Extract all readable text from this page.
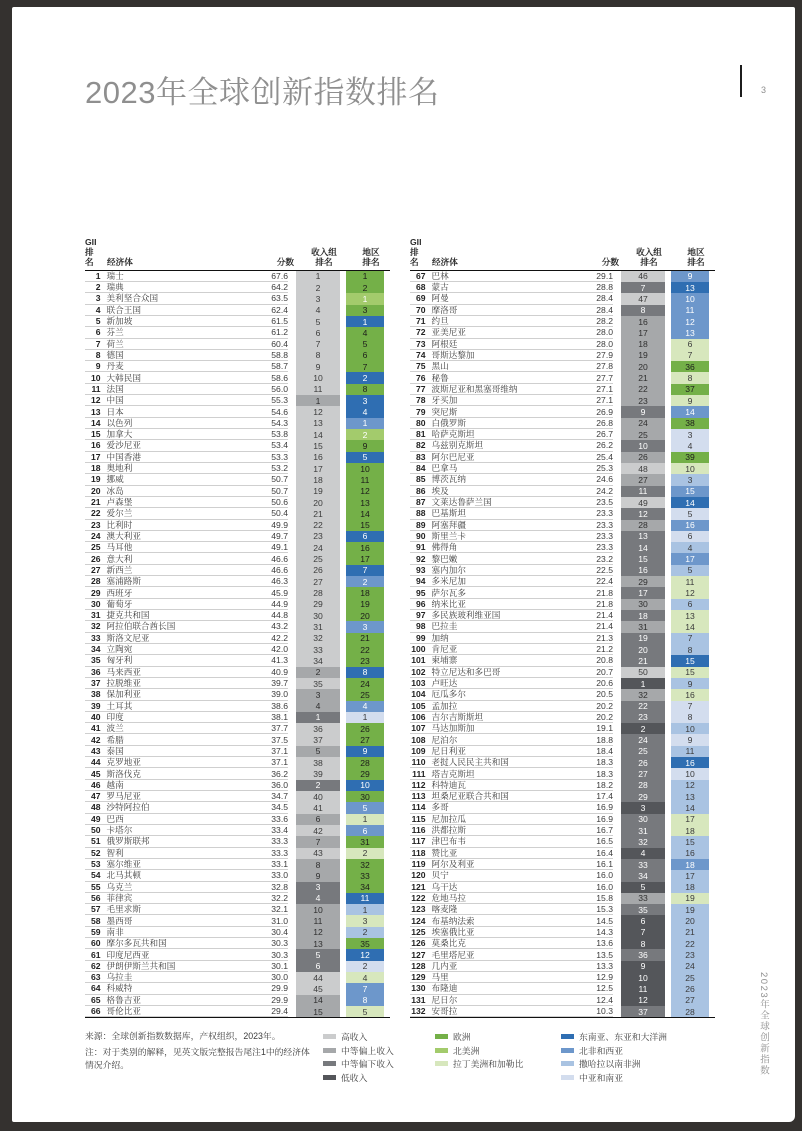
2023年全球创新指数排名	3
2023年全球创新指数
GII
排名	经济体	分数
收入组
排名
地区
排名
1 瑞士	67.6	1	1
2 瑞典	64.2	2	2
3 美利坚合众国	63.5	3	1
4 联合王国	62.4	4	3
5 新加坡	61.5	5	1
6 芬兰	61.2	6	4
7 荷兰	60.4	7	5
8 德国	58.8	8	6
9 丹麦	58.7	9	7
10 大韩民国	58.6	10	2
11 法国	56.0	11	8
12 中国	55.3	1	3
13 日本	54.6	12	4
14 以色列	54.3	13	1
15 加拿大	53.8	14	2
16 爱沙尼亚	53.4	15	9
17 中国香港	53.3	16	5
18 奥地利	53.2	17	10
19 挪威	50.7	18	11
20 冰岛	50.7	19	12
21 卢森堡	50.6	20	13
22 爱尔兰	50.4	21	14
23 比利时	49.9	22	15
24 澳大利亚	49.7	23	6
25 马耳他	49.1	24	16
26 意大利	46.6	25	17
27 新西兰	46.6	26	7
28 塞浦路斯	46.3	27	2
29 西班牙	45.9	28	18
30 葡萄牙	44.9	29	19
31 捷克共和国	44.8	30	20
32 阿拉伯联合酋长国	43.2	31	3
33 斯洛文尼亚	42.2	32	21
34 立陶宛	42.0	33	22
35 匈牙利	41.3	34	23
36 马来西亚	40.9	2	8
37 拉脱维亚	39.7	35	24
38 保加利亚	39.0	3	25
39 土耳其	38.6	4	4
40 印度	38.1	1	1
41 波兰	37.7	36	26
42 希腊	37.5	37	27
43 泰国	37.1	5	9
44 克罗地亚	37.1	38	28
45 斯洛伐克	36.2	39	29
46 越南	36.0	2	10
47 罗马尼亚	34.7	40	30
48 沙特阿拉伯	34.5	41	5
49 巴西	33.6	6	1
50 卡塔尔	33.4	42	6
51 俄罗斯联邦	33.3	7	31
52 智利	33.3	43	2
53 塞尔维亚	33.1	8	32
54 北马其顿	33.0	9	33
55 乌克兰	32.8	3	34
56 菲律宾	32.2	4	11
57 毛里求斯	32.1	10	1
58 墨西哥	31.0	11	3
59 南非	30.4	12	2
60 摩尔多瓦共和国	30.3	13	35
61 印度尼西亚	30.3	5	12
62 伊朗伊斯兰共和国	30.1	6	2
63 乌拉圭	30.0	44	4
64 科威特	29.9	45	7
65 格鲁吉亚	29.9	14	8
66 哥伦比亚	29.4	15	5
GII
排名	经济体	分数
收入组
排名
地区
排名
67 巴林	29.1	46	9
68 蒙古	28.8	7	13
69 阿曼	28.4	47	10
70 摩洛哥	28.4	8	11
71 约旦	28.2	16	12
72 亚美尼亚	28.0	17	13
73 阿根廷	28.0	18	6
74 哥斯达黎加	27.9	19	7
75 黑山	27.8	20	36
76 秘鲁	27.7	21	8
77 波斯尼亚和黑塞哥维纳	27.1	22	37
78 牙买加	27.1	23	9
79 突尼斯	26.9	9	14
80 白俄罗斯	26.8	24	38
81 哈萨克斯坦	26.7	25	3
82 乌兹别克斯坦	26.2	10	4
83 阿尔巴尼亚	25.4	26	39
84 巴拿马	25.3	48	10
85 博茨瓦纳	24.6	27	3
86 埃及	24.2	11	15
87 文莱达鲁萨兰国	23.5	49	14
88 巴基斯坦	23.3	12	5
89 阿塞拜疆	23.3	28	16
90 斯里兰卡	23.3	13	6
91 佛得角	23.3	14	4
92 黎巴嫩	23.2	15	17
93 塞内加尔	22.5	16	5
94 多米尼加	22.4	29	11
95 萨尔瓦多	21.8	17	12
96 纳米比亚	21.8	30	6
97 多民族玻利维亚国	21.4	18	13
98 巴拉圭	21.4	31	14
99 加纳	21.3	19	7
100 肯尼亚	21.2	20	8
101 柬埔寨	20.8	21	15
102 特立尼达和多巴哥	20.7	50	15
103 卢旺达	20.6	1	9
104 厄瓜多尔	20.5	32	16
105 孟加拉	20.2	22	7
106 吉尔吉斯斯坦	20.2	23	8
107 马达加斯加	19.1	2	10
108 尼泊尔	18.8	24	9
109 尼日利亚	18.4	25	11
110 老挝人民民主共和国	18.3	26	16
111 塔吉克斯坦	18.3	27	10
112 科特迪瓦	18.2	28	12
113 坦桑尼亚联合共和国	17.4	29	13
114 多哥	16.9	3	14
115 尼加拉瓜	16.9	30	17
116 洪都拉斯	16.7	31	18
117 津巴布韦	16.5	32	15
118 赞比亚	16.4	4	16
119 阿尔及利亚	16.1	33	18
120 贝宁	16.0	34	17
121 乌干达	16.0	5	18
122 危地马拉	15.8	33	19
123 喀麦隆	15.3	35	19
124 布基纳法索	14.5	6	20
125 埃塞俄比亚	14.3	7	21
126 莫桑比克	13.6	8	22
127 毛里塔尼亚	13.5	36	23
128 几内亚	13.3	9	24
129 马里	12.9	10	25
130 布隆迪	12.5	11	26
131 尼日尔	12.4	12	27
132 安哥拉	10.3	37	28
来源：全球创新指数数据库，产权组织，2023年。
注：对于类别的解释，见英文版完整报告尾注1中的经济体情况介绍。
高收入
中等偏上收入
中等偏下收入
低收入
欧洲
北美洲
拉丁美洲和加勒比
东南亚、东亚和大洋洲
北非和西亚
撒哈拉以南非洲
中亚和南亚
